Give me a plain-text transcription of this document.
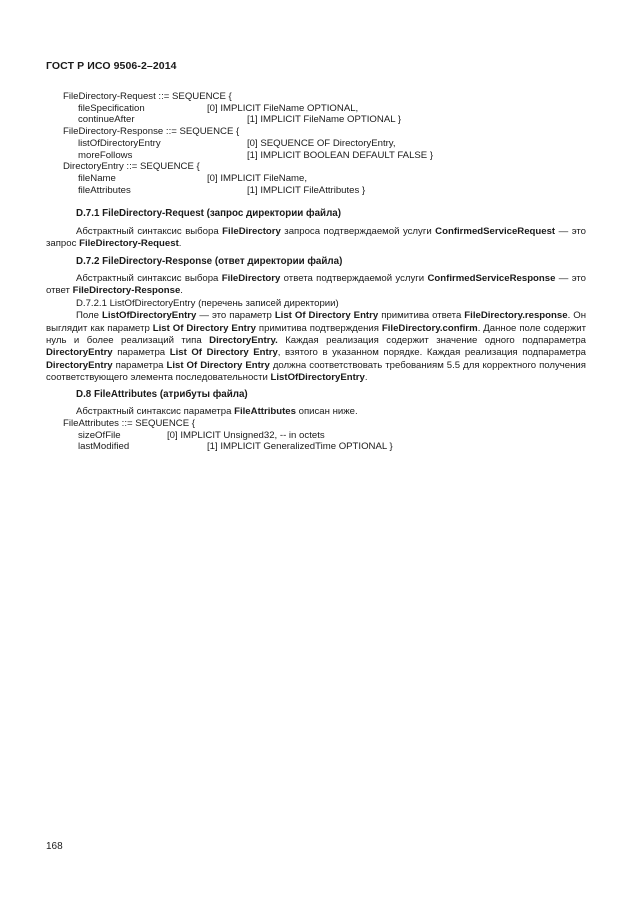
ГОСТ Р ИСО 9506-2–2014
FileDirectory-Request ::= SEQUENCE {
fileSpecification	[0] IMPLICIT FileName OPTIONAL,
continueAfter	[1] IMPLICIT FileName OPTIONAL }
FileDirectory-Response ::= SEQUENCE {
listOfDirectoryEntry	[0] SEQUENCE OF DirectoryEntry,
moreFollows	[1] IMPLICIT BOOLEAN DEFAULT FALSE }
DirectoryEntry ::= SEQUENCE {
fileName	[0] IMPLICIT FileName,
fileAttributes	[1] IMPLICIT FileAttributes }
D.7.1 FileDirectory-Request (запрос директории файла)

Абстрактный синтаксис выбора FileDirectory запроса подтверждаемой услуги ConfirmedServiceRequest — это запрос FileDirectory-Request.

D.7.2 FileDirectory-Response (ответ директории файла)

Абстрактный синтаксис выбора FileDirectory ответа подтверждаемой услуги ConfirmedServiceResponse — это ответ FileDirectory-Response.

D.7.2.1 ListOfDirectoryEntry (перечень записей директории)

Поле ListOfDirectoryEntry — это параметр List Of Directory Entry примитива ответа FileDirectory.response. Он выглядит как параметр List Of Directory Entry примитива подтверждения FileDirectory.confirm. Данное поле содержит нуль и более реализаций типа DirectoryEntry. Каждая реализация содержит значение одного подпараметра DirectoryEntry параметра List Of Directory Entry, взятого в указанном порядке. Каждая реализация подпараметра DirectoryEntry параметра List Of Directory Entry должна соответствовать требованиям 5.5 для корректного получения соответствующего элемента последовательности ListOfDirectoryEntry.

D.8 FileAttributes (атрибуты файла)

Абстрактный синтаксис параметра FileAttributes описан ниже.

FileAttributes ::= SEQUENCE {
sizeOfFile	[0] IMPLICIT Unsigned32, -- in octets
lastModified	[1] IMPLICIT GeneralizedTime OPTIONAL }
168
